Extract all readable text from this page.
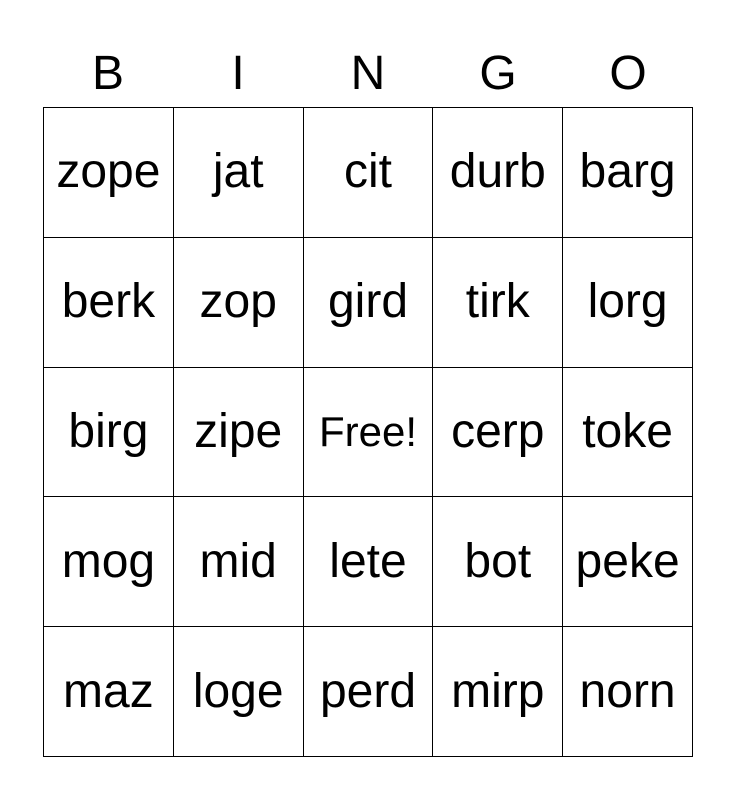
B	I	N	G	O
zope	jat	cit	durb barg
berk zop	gird	tirk	lorg
birg zipe Free! cerp toke
mog mid	lete	bot peke
maz loge perd mirp norn
